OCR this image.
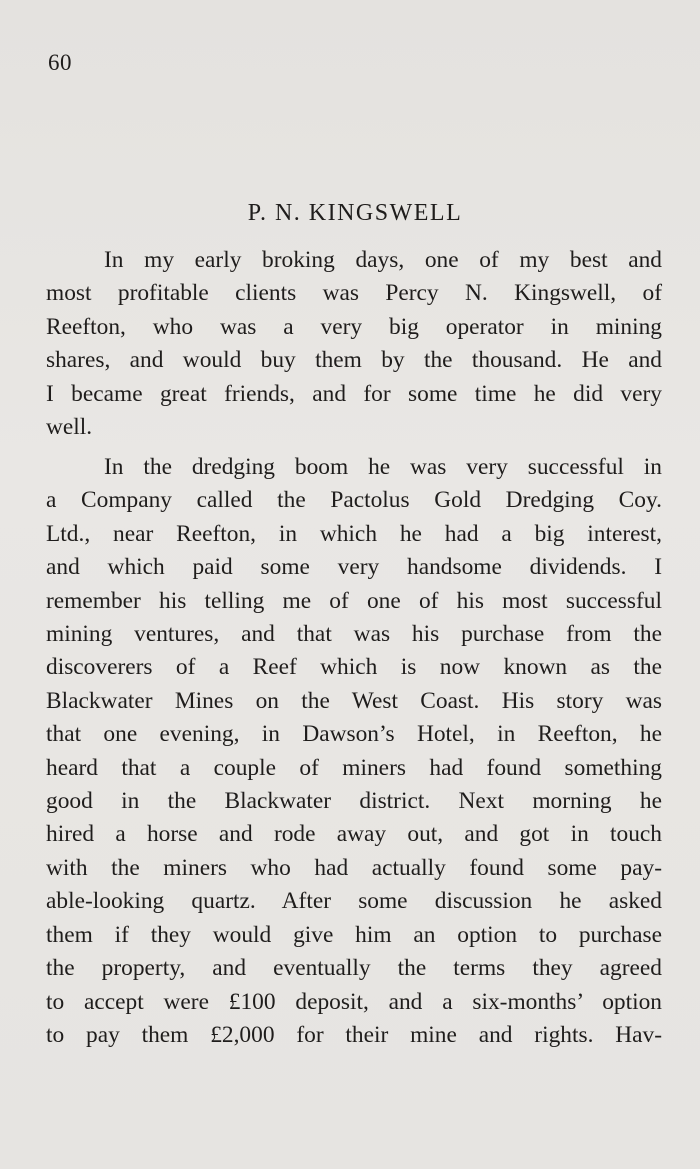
60
P. N. KINGSWELL
In my early broking days, one of my best and
most profitable clients was Percy N. Kingswell, of
Reefton, who was a very big operator in mining
shares, and would buy them by the thousand. He and
I became great friends, and for some time he did very
well.
In the dredging boom he was very successful in
a Company called the Pactolus Gold Dredging Coy.
Ltd., near Reefton, in which he had a big interest,
and which paid some very handsome dividends. I
remember his telling me of one of his most successful
mining ventures, and that was his purchase from the
discoverers of a Reef which is now known as the
Blackwater Mines on the West Coast. His story was
that one evening, in Dawson’s Hotel, in Reefton, he
heard that a couple of miners had found something
good in the Blackwater district. Next morning he
hired a horse and rode away out, and got in touch
with the miners who had actually found some pay-
able-looking quartz. After some discussion he asked
them if they would give him an option to purchase
the property, and eventually the terms they agreed
to accept were £100 deposit, and a six-months’ option
to pay them £2,000 for their mine and rights. Hav-
